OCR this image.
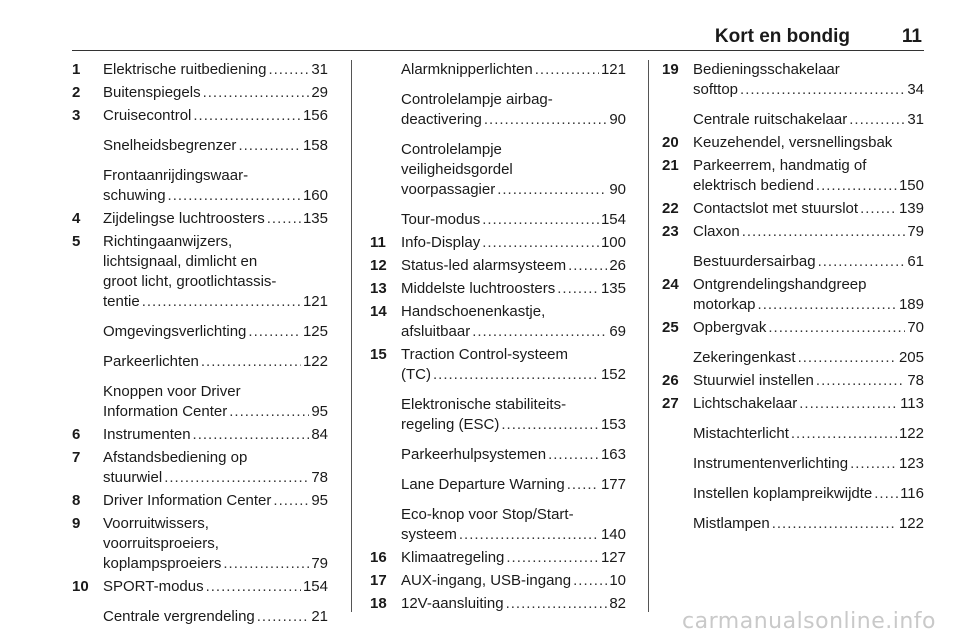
Kort en bondig	11
1	Elektrische ruitbediening .....	31
2	Buitenspiegels .....	29
3	Cruisecontrol .....	156
Snelheidsbegrenzer .....	158
Frontaanrijdingswaar-
schuwing .....	160
4	Zijdelingse luchtroosters .....	135
5	Richtingaanwijzers,
lichtsignaal, dimlicht en
groot licht, grootlichtassis-
tentie .....	121
Omgevingsverlichting .....	125
Parkeerlichten .....	122
Knoppen voor Driver
Information Center .....	95
6	Instrumenten .....	84
7	Afstandsbediening op
stuurwiel .....	78
8	Driver Information Center .....	95
9	Voorruitwissers,
voorruitsproeiers,
koplampsproeiers .....	79
10 SPORT-modus .....	154
Centrale vergrendeling .....	21
Alarmknipperlichten .....	121
Controlelampje airbag-
deactivering .....	90
Controlelampje
veiligheidsgordel
voorpassagier .....	90
Tour-modus .....	154
11	Info-Display .....	100
12 Status-led alarmsysteem .....	26
13 Middelste luchtroosters .....	135
14 Handschoenenkastje,
afsluitbaar .....	69
15 Traction Control-systeem
(TC) .....	152
Elektronische stabiliteits-
regeling (ESC) .....	153
Parkeerhulpsystemen .....	163
Lane Departure Warning ..... 177
Eco-knop voor Stop/Start-
systeem .....	140
16 Klimaatregeling .....	127
17 AUX-ingang, USB-ingang .....	10
18 12V-aansluiting .....	82
19 Bedieningsschakelaar
softtop .....	34
Centrale ruitschakelaar .....	31
20 Keuzehendel, versnellingsbak
21 Parkeerrem, handmatig of
elektrisch bediend .....	150
22 Contactslot met stuurslot .....	139
23 Claxon .....	79
Bestuurdersairbag .....	61
24 Ontgrendelingshandgreep
motorkap .....	189
25 Opbergvak .....	70
Zekeringenkast .....	205
26 Stuurwiel instellen .....	78
27 Lichtschakelaar .....	113
Mistachterlicht .....	122
Instrumentenverlichting .....	123
Instellen koplampreikwijdte ..... 116
Mistlampen .....	122
carmanualsonline.info
